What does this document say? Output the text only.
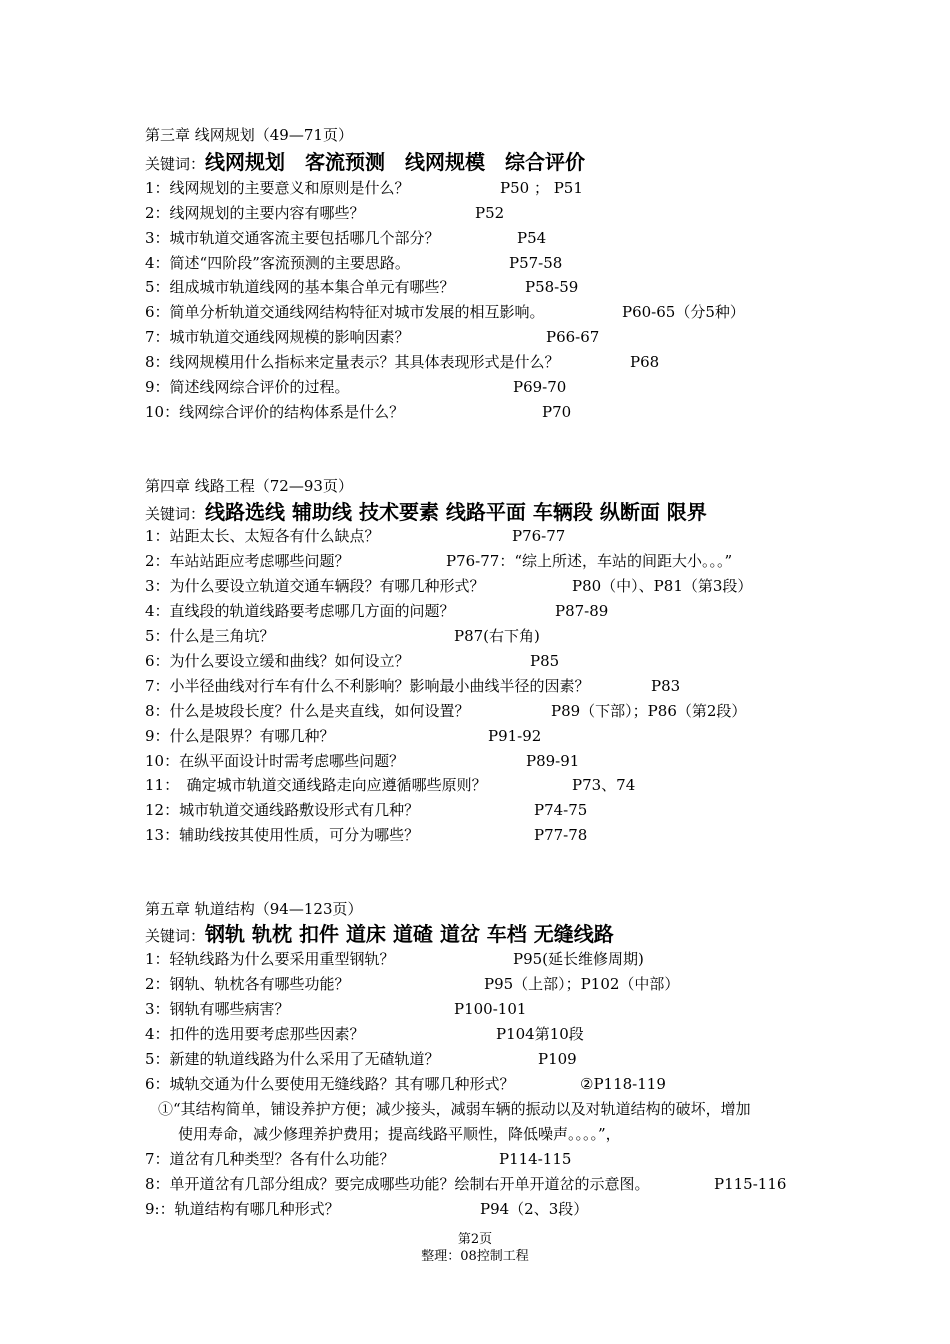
第三章 线网规划（49—71页）
关键词：线网规划　客流预测　线网规模　综合评价
1：线网规划的主要意义和原则是什么？	P50 ； P51
2：线网规划的主要内容有哪些？	P52
3：城市轨道交通客流主要包括哪几个部分？	P54
4：简述“四阶段”客流预测的主要思路。	P57-58
5：组成城市轨道线网的基本集合单元有哪些？	P58-59
6：简单分析轨道交通线网结构特征对城市发展的相互影响。	P60-65（分5种）
7：城市轨道交通线网规模的影响因素？	P66-67
8：线网规模用什么指标来定量表示？其具体表现形式是什么？	P68
9：简述线网综合评价的过程。	P69-70
10：线网综合评价的结构体系是什么？	P70
第四章 线路工程（72—93页）
关键词：线路选线 辅助线 技术要素 线路平面 车辆段 纵断面 限界
1：站距太长、太短各有什么缺点？	P76-77
2：车站站距应考虑哪些问题？	P76-77：“综上所述，车站的间距大小。。。”
3：为什么要设立轨道交通车辆段？有哪几种形式？	P80（中）、P81（第3段）
4：直线段的轨道线路要考虑哪几方面的问题？	P87-89
5：什么是三角坑？	P87(右下角)
6：为什么要设立缓和曲线？如何设立？	P85
7：小半径曲线对行车有什么不利影响？影响最小曲线半径的因素？	P83
8：什么是坡段长度？什么是夹直线，如何设置？	P89（下部）；P86（第2段）
9：什么是限界？有哪几种？	P91-92
10：在纵平面设计时需考虑哪些问题？	P89-91
11：　确定城市轨道交通线路走向应遵循哪些原则？	P73、74
12：城市轨道交通线路敷设形式有几种？	P74-75
13：辅助线按其使用性质，可分为哪些？	P77-78
第五章 轨道结构（94—123页）
关键词：钢轨 轨枕 扣件 道床 道碴 道岔 车档 无缝线路
1：轻轨线路为什么要采用重型钢轨？	P95(延长维修周期)
2：钢轨、轨枕各有哪些功能？	P95（上部）；P102（中部）
3：钢轨有哪些病害？	P100-101
4：扣件的选用要考虑那些因素？	P104第10段
5：新建的轨道线路为什么采用了无碴轨道？	P109
6：城轨交通为什么要使用无缝线路？其有哪几种形式？	②P118-119
①“其结构简单，铺设养护方便；减少接头，减弱车辆的振动以及对轨道结构的破坏，增加
使用寿命，减少修理养护费用；提高线路平顺性，降低噪声。。。。”，
7：道岔有几种类型？各有什么功能？	P114-115
8：单开道岔有几部分组成？要完成哪些功能？绘制右开单开道岔的示意图。	P115-116
9:：轨道结构有哪几种形式？	P94（2、3段）
第2页
整理：08控制工程
